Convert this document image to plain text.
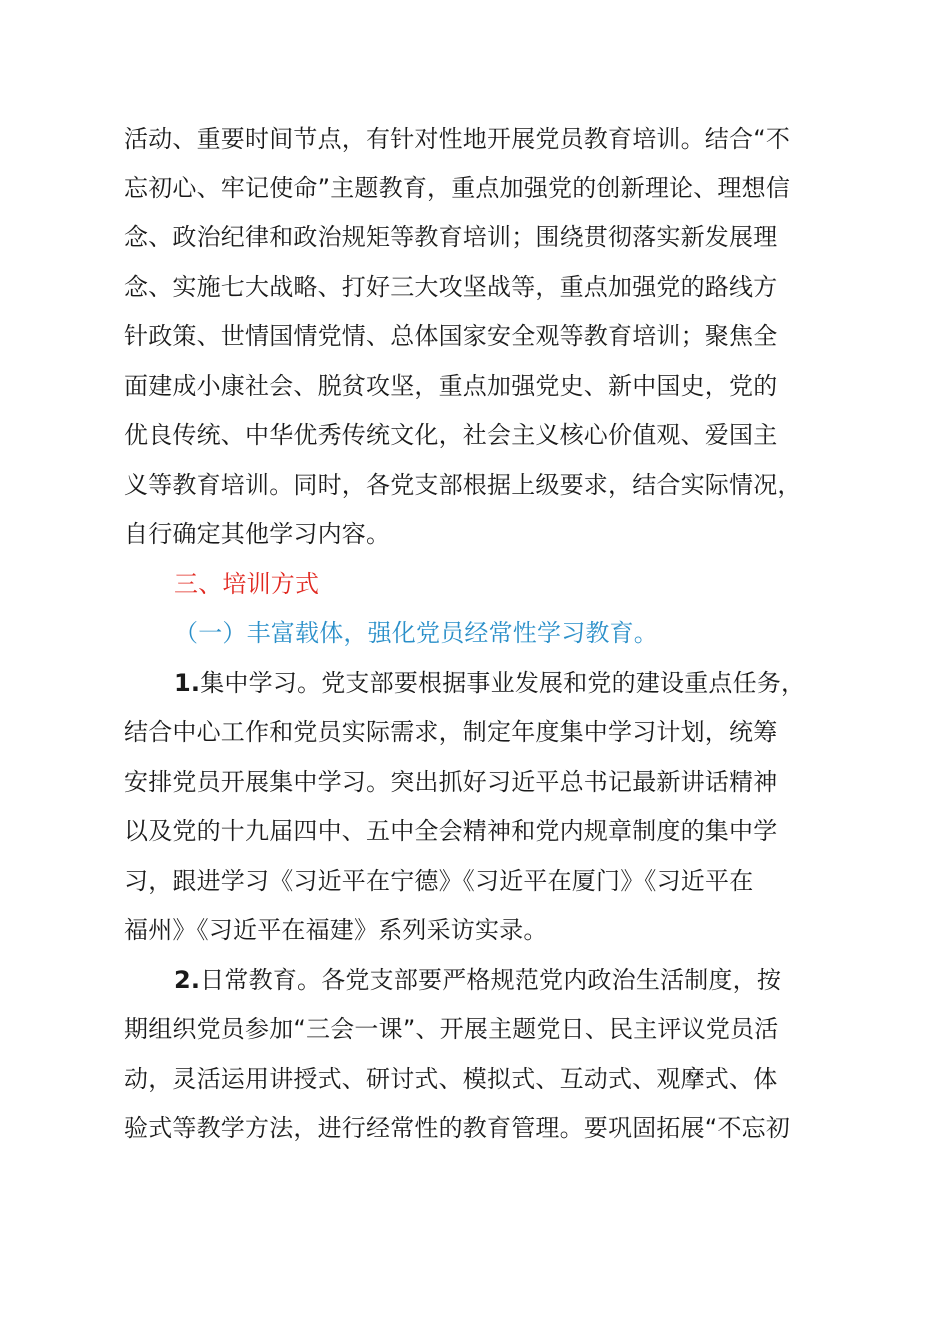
活动、重要时间节点，有针对性地开展党员教育培训。结合“不
忘初心、牢记使命”主题教育，重点加强党的创新理论、理想信
念、政治纪律和政治规矩等教育培训；围绕贯彻落实新发展理
念、实施七大战略、打好三大攻坚战等，重点加强党的路线方
针政策、世情国情党情、总体国家安全观等教育培训；聚焦全
面建成小康社会、脱贫攻坚，重点加强党史、新中国史，党的
优良传统、中华优秀传统文化，社会主义核心价值观、爱国主
义等教育培训。同时，各党支部根据上级要求，结合实际情况，
自行确定其他学习内容。
三、培训方式
（一）丰富载体，强化党员经常性学习教育。
1.集中学习。党支部要根据事业发展和党的建设重点任务，
结合中心工作和党员实际需求，制定年度集中学习计划，统筹
安排党员开展集中学习。突出抓好习近平总书记最新讲话精神
以及党的十九届四中、五中全会精神和党内规章制度的集中学
习，跟进学习《习近平在宁德》《习近平在厦门》《习近平在
福州》《习近平在福建》系列采访实录。
2.日常教育。各党支部要严格规范党内政治生活制度，按
期组织党员参加“三会一课”、开展主题党日、民主评议党员活
动，灵活运用讲授式、研讨式、模拟式、互动式、观摩式、体
验式等教学方法，进行经常性的教育管理。要巩固拓展“不忘初
